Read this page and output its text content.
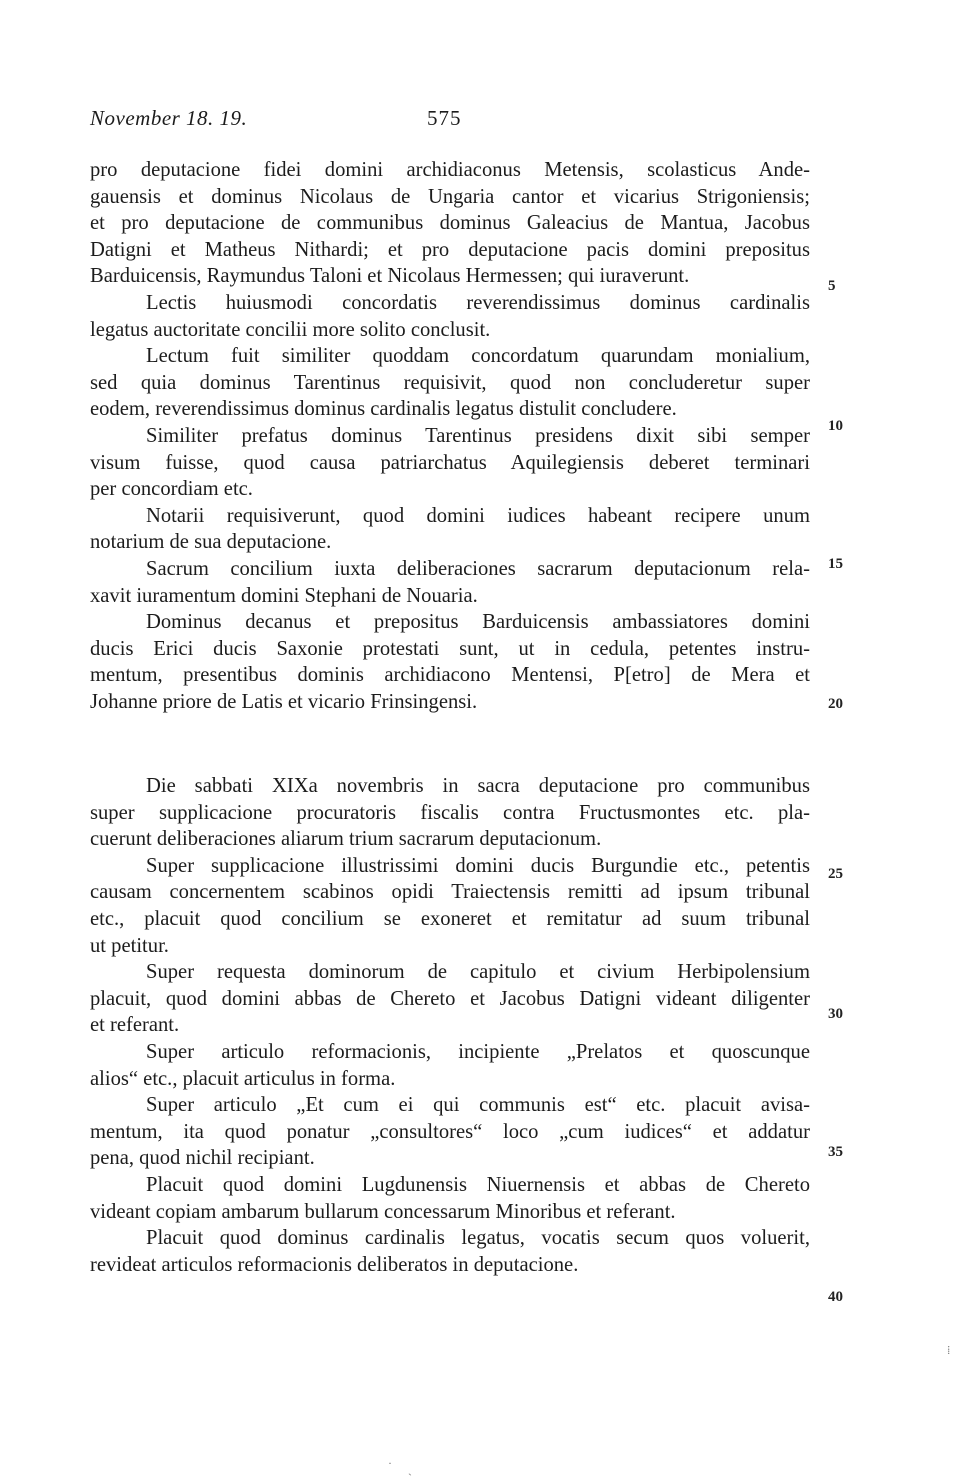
November 18. 19.	575
pro deputacione fidei domini archidiaconus Metensis, scolasticus Ande-
gauensis et dominus Nicolaus de Ungaria cantor et vicarius Strigoniensis;
et pro deputacione de communibus dominus Galeacius de Mantua, Jacobus
Datigni et Matheus Nithardi; et pro deputacione pacis domini prepositus
Barduicensis, Raymundus Taloni et Nicolaus Hermessen; qui iuraverunt.
Lectis huiusmodi concordatis reverendissimus dominus cardinalis
legatus auctoritate concilii more solito conclusit.
Lectum fuit similiter quoddam concordatum quarundam monialium,
sed quia dominus Tarentinus requisivit, quod non concluderetur super
eodem, reverendissimus dominus cardinalis legatus distulit concludere.
Similiter prefatus dominus Tarentinus presidens dixit sibi semper
visum fuisse, quod causa patriarchatus Aquilegiensis deberet terminari
per concordiam etc.
Notarii requisiverunt, quod domini iudices habeant recipere unum
notarium de sua deputacione.
Sacrum concilium iuxta deliberaciones sacrarum deputacionum rela-
xavit iuramentum domini Stephani de Nouaria.
Dominus decanus et prepositus Barduicensis ambassiatores domini
ducis Erici ducis Saxonie protestati sunt, ut in cedula, petentes instru-
mentum, presentibus dominis archidiacono Mentensi, P[etro] de Mera et
Johanne priore de Latis et vicario Frinsingensi.
Die sabbati XIXa novembris in sacra deputacione pro communibus
super supplicacione procuratoris fiscalis contra Fructusmontes etc. pla-
cuerunt deliberaciones aliarum trium sacrarum deputacionum.
Super supplicacione illustrissimi domini ducis Burgundie etc., petentis
causam concernentem scabinos opidi Traiectensis remitti ad ipsum tribunal
etc., placuit quod concilium se exoneret et remitatur ad suum tribunal
ut petitur.
Super requesta dominorum de capitulo et civium Herbipolensium
placuit, quod domini abbas de Chereto et Jacobus Datigni videant diligenter
et referant.
Super articulo reformacionis, incipiente „Prelatos et quoscunque
alios“ etc., placuit articulus in forma.
Super articulo „Et cum ei qui communis est“ etc. placuit avisa-
mentum, ita quod ponatur „consultores“ loco „cum iudices“ et addatur
pena, quod nichil recipiant.
Placuit quod domini Lugdunensis Niuernensis et abbas de Chereto
videant copiam ambarum bullarum concessarum Minoribus et referant.
Placuit quod dominus cardinalis legatus, vocatis secum quos voluerit,
revideat articulos reformacionis deliberatos in deputacione.
5
10
15
20
25
30
35
40
⁞
· ˏ
